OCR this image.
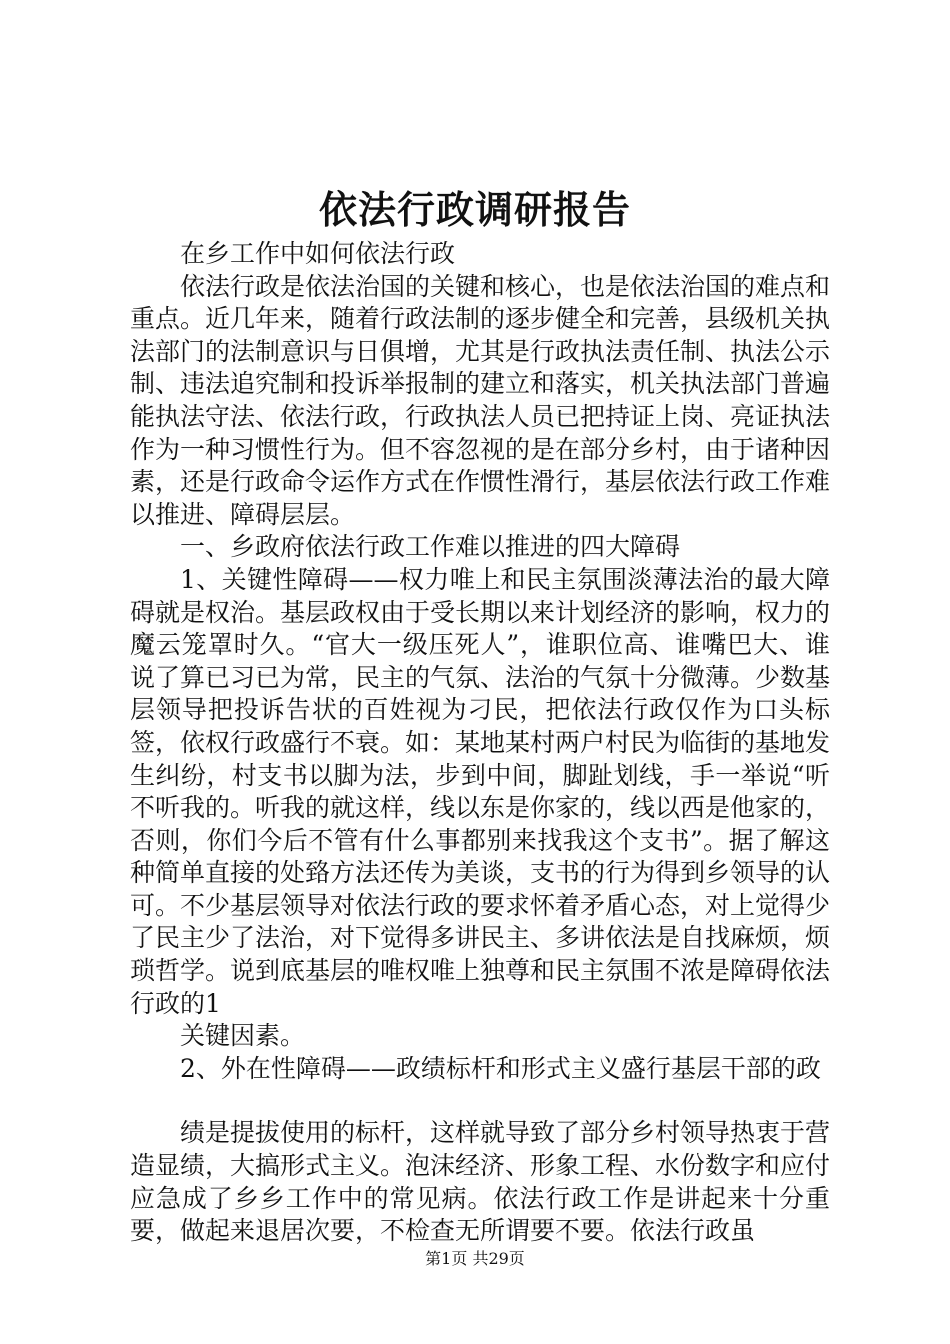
依法行政调研报告

在乡工作中如何依法行政

依法行政是依法治国的关键和核心，也是依法治国的难点和重点。近几年来，随着行政法制的逐步健全和完善，县级机关执法部门的法制意识与日俱增，尤其是行政执法责任制、执法公示制、违法追究制和投诉举报制的建立和落实，机关执法部门普遍能执法守法、依法行政，行政执法人员已把持证上岗、亮证执法作为一种习惯性行为。但不容忽视的是在部分乡村，由于诸种因素，还是行政命令运作方式在作惯性滑行，基层依法行政工作难以推进、障碍层层。

一、乡政府依法行政工作难以推进的四大障碍

1、关键性障碍——权力唯上和民主氛围淡薄法治的最大障碍就是权治。基层政权由于受长期以来计划经济的影响，权力的魔云笼罩时久。“官大一级压死人”，谁职位高、谁嘴巴大、谁说了算已习已为常，民主的气氛、法治的气氛十分微薄。少数基层领导把投诉告状的百姓视为刁民，把依法行政仅作为口头标签，依权行政盛行不衰。如：某地某村两户村民为临街的基地发生纠纷，村支书以脚为法，步到中间，脚趾划线，手一举说“听不听我的。听我的就这样，线以东是你家的，线以西是他家的，否则，你们今后不管有什么事都别来找我这个支书”。据了解这种简单直接的处臵方法还传为美谈，支书的行为得到乡领导的认可。不少基层领导对依法行政的要求怀着矛盾心态，对上觉得少了民主少了法治，对下觉得多讲民主、多讲依法是自找麻烦，烦琐哲学。说到底基层的唯权唯上独尊和民主氛围不浓是障碍依法行政的1

关键因素。

2、外在性障碍——政绩标杆和形式主义盛行基层干部的政

绩是提拔使用的标杆，这样就导致了部分乡村领导热衷于营造显绩，大搞形式主义。泡沫经济、形象工程、水份数字和应付应急成了乡乡工作中的常见病。依法行政工作是讲起来十分重要，做起来退居次要，不检查无所谓要不要。依法行政虽

第1页 共29页
